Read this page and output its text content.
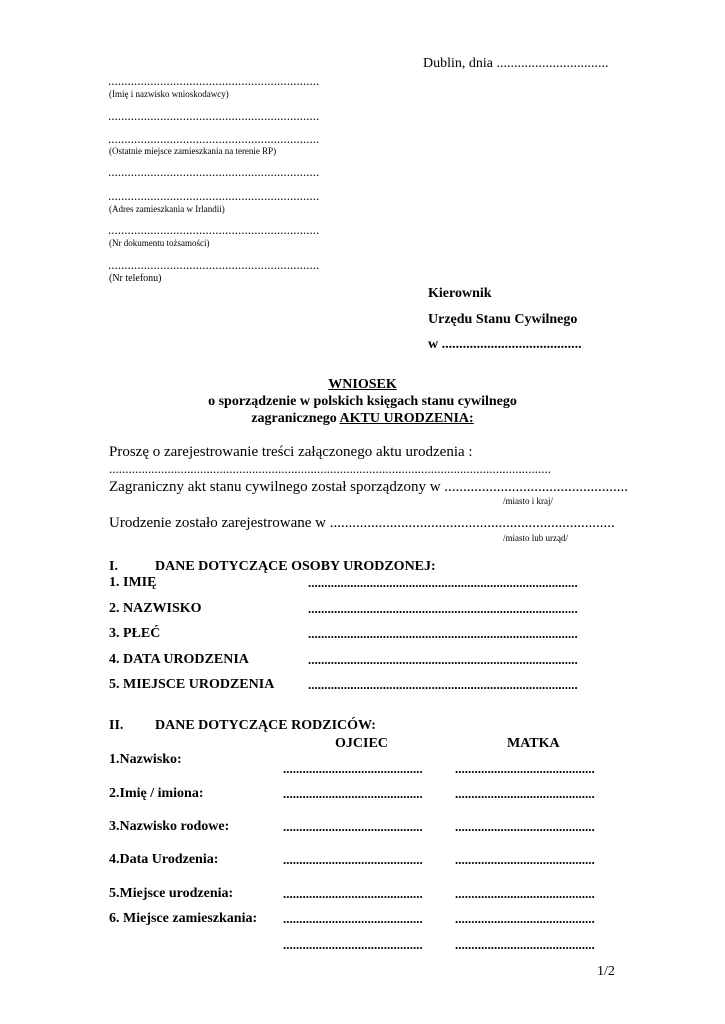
Dublin, dnia ................................
.................................................................
(Imię i nazwisko wnioskodawcy)
.................................................................
.................................................................
(Ostatnie miejsce zamieszkania na terenie RP)
.................................................................
.................................................................
(Adres zamieszkania w Irlandii)
.................................................................
(Nr dokumentu tożsamości)
.................................................................
(Nr telefonu)
Kierownik
Urzędu Stanu Cywilnego
w ........................................
WNIOSEK
o sporządzenie w polskich księgach stanu cywilnego
zagranicznego AKTU URODZENIA:
Proszę o zarejestrowanie treści załączonego aktu urodzenia :
........................................................................................................................................
Zagraniczny akt stanu cywilnego został sporządzony w .................................................
/miasto i kraj/
Urodzenie zostało zarejestrowane w ............................................................................
/miasto lub urząd/
I.	DANE DOTYCZĄCE OSOBY URODZONEJ:
1. IMIĘ	...................................................................................
2. NAZWISKO	...................................................................................
3. PŁEĆ	...................................................................................
4. DATA URODZENIA	...................................................................................
5. MIEJSCE URODZENIA	...................................................................................
II. DANE DOTYCZĄCE RODZICÓW:
OJCIEC	MATKA
1.Nazwisko:
........................................... ...........................................
2.Imię / imiona:	........................................... ...........................................
3.Nazwisko rodowe:	........................................... ...........................................
4.Data Urodzenia:	........................................... ...........................................
5.Miejsce urodzenia:	........................................... ...........................................
6. Miejsce zamieszkania: ........................................... ...........................................
........................................... ...........................................
1/2
